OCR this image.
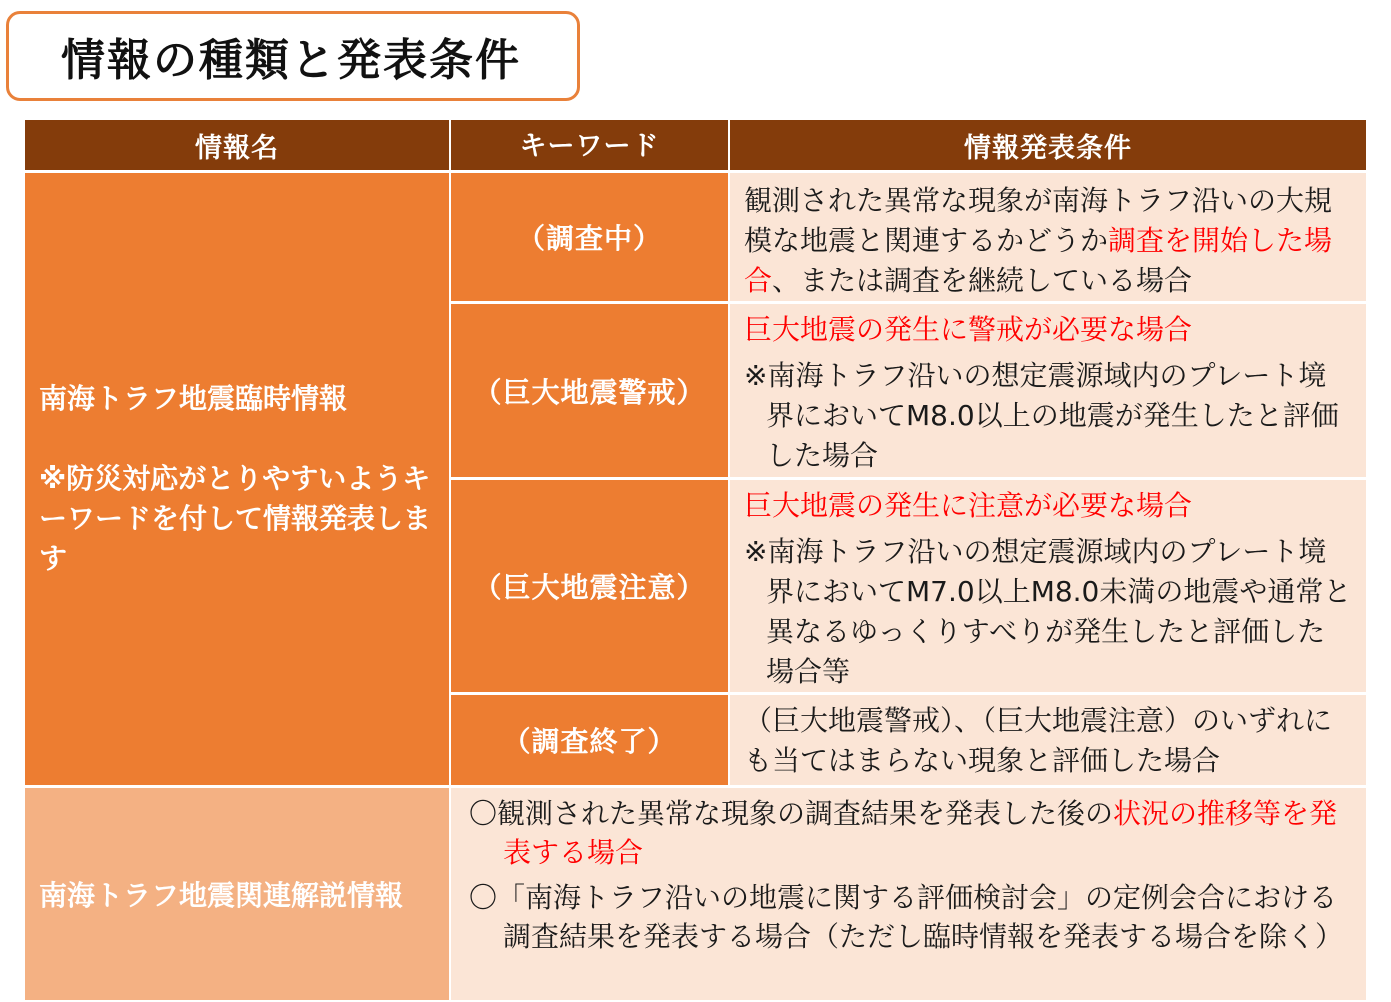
情報の種類と発表条件
情報名	キーワード	情報発表条件

南海トラフ地震臨時情報

※防災対応がとりやすいようキーワードを付して情報発表します

（調査中）
観測された異常な現象が南海トラフ沿いの大規模な地震と関連するかどうか調査を開始した場合、または調査を継続している場合
（巨大地震警戒）

巨大地震の発生に警戒が必要な場合

※南海トラフ沿いの想定震源域内のプレート境界においてM8.0以上の地震が発生したと評価した場合

（巨大地震注意）

巨大地震の発生に注意が必要な場合

※南海トラフ沿いの想定震源域内のプレート境界においてM7.0以上M8.0未満の地震や通常と異なるゆっくりすべりが発生したと評価した場合等

（調査終了）
（巨大地震警戒）、（巨大地震注意）のいずれにも当てはまらない現象と評価した場合
南海トラフ地震関連解説情報

〇観測された異常な現象の調査結果を発表した後の状況の推移等を発表する場合

〇「南海トラフ沿いの地震に関する評価検討会」の定例会合における調査結果を発表する場合（ただし臨時情報を発表する場合を除く）
